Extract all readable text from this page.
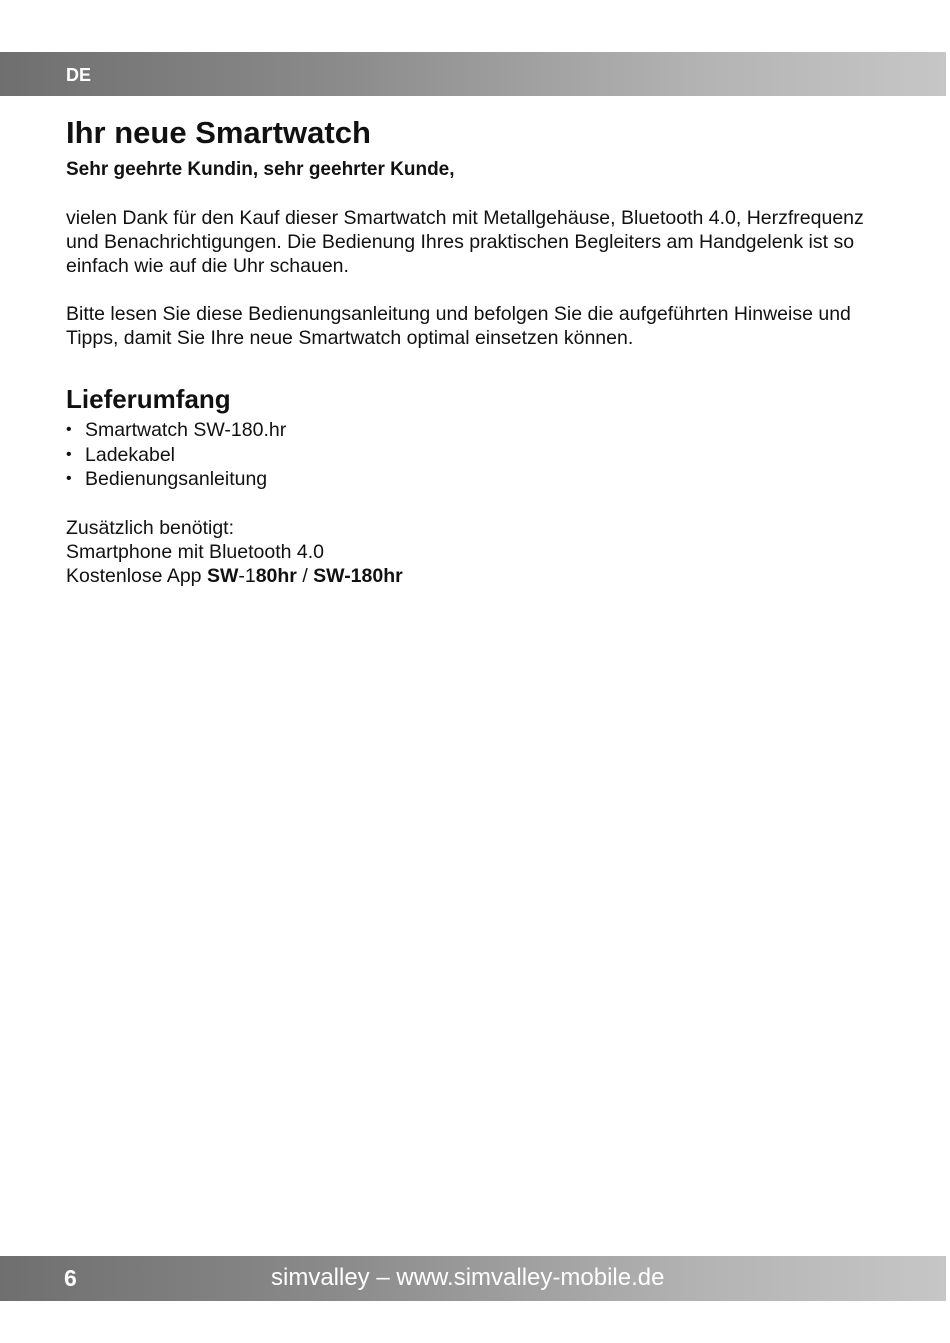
DE
Ihr neue Smartwatch
Sehr geehrte Kundin, sehr geehrter Kunde,

vielen Dank für den Kauf dieser Smartwatch mit Metallgehäuse, Bluetooth 4.0, Herzfrequenz und Benachrichtigungen. Die Bedienung Ihres praktischen Begleiters am Handgelenk ist so einfach wie auf die Uhr schauen.

Bitte lesen Sie diese Bedienungsanleitung und befolgen Sie die aufgeführten Hinweise und Tipps, damit Sie Ihre neue Smartwatch optimal einsetzen können.

Lieferumfang
• Smartwatch SW-180.hr
• Ladekabel
• Bedienungsanleitung

Zusätzlich benötigt:

Smartphone mit Bluetooth 4.0

Kostenlose App SW-180hr / SW-180hr

6	simvalley – www.simvalley-mobile.de
